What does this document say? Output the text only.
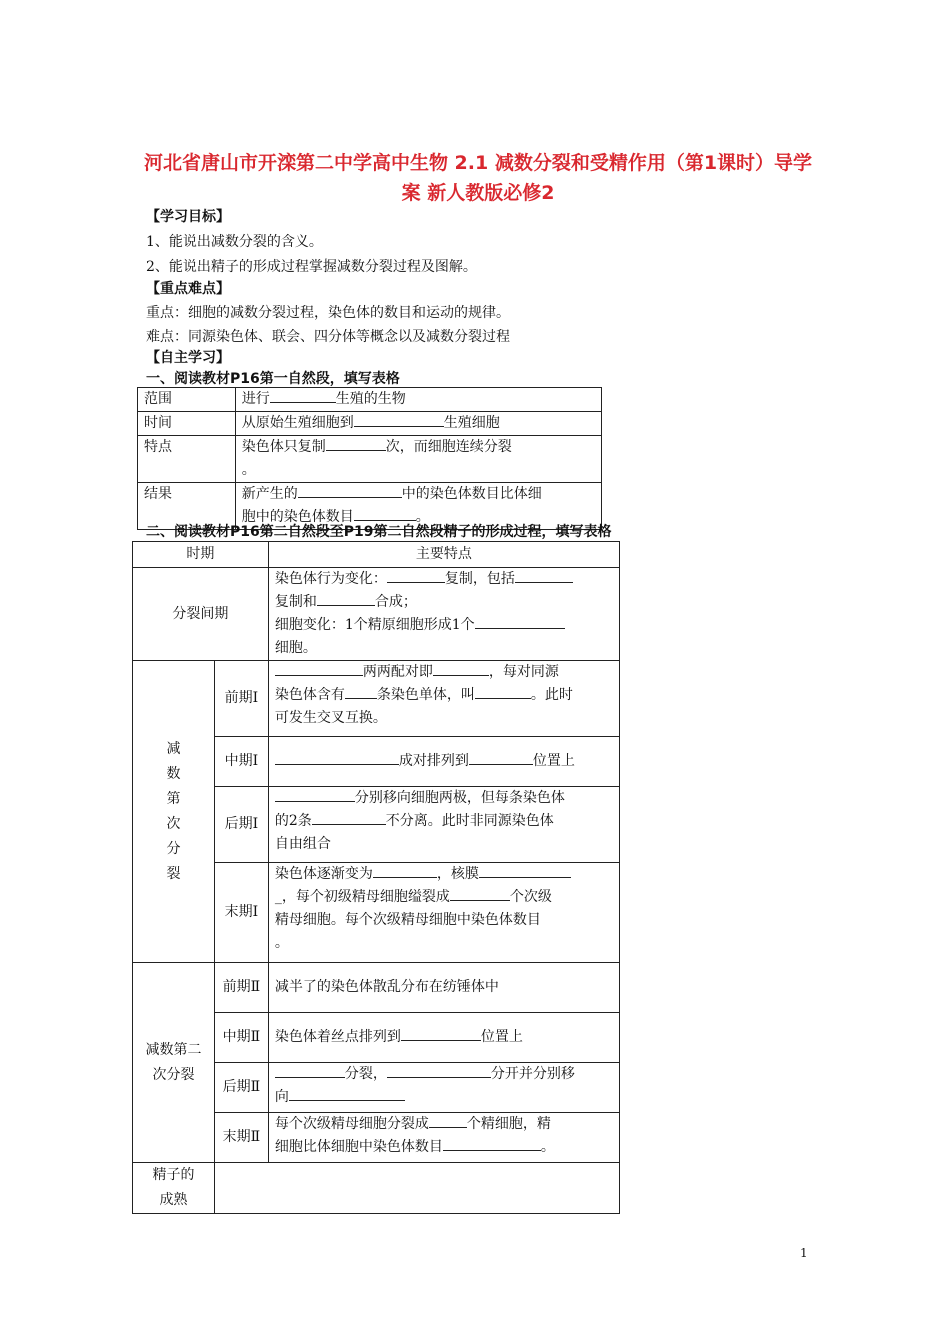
河北省唐山市开滦第二中学高中生物 2.1 减数分裂和受精作用（第1课时）导学案 新人教版必修2
【学习目标】
1、能说出减数分裂的含义。
2、能说出精子的形成过程掌握减数分裂过程及图解。
【重点难点】
重点：细胞的减数分裂过程，染色体的数目和运动的规律。
难点：同源染色体、联会、四分体等概念以及减数分裂过程
【自主学习】
一、阅读教材P16第一自然段，填写表格
范围	进行 生殖的生物
时间	从原始生殖细胞到 生殖细胞
特点	染色体只复制 次，而细胞连续分裂
。
结果	新产生的 中的染色体数目比体细
胞中的染色体数目 。
二、阅读教材P16第二自然段至P19第二自然段精子的形成过程，填写表格
时期		主要特点
分裂间期		染色体行为变化： 复制，包括
复制和 合成；
细胞变化：1个精原细胞形成1个
细胞。
减数第次分裂	前期Ⅰ	两两配对即 ，每对同源
染色体含有 条染色单体，叫 。此时
可发生交叉互换。
	中期Ⅰ	成对排列到 位置上
	后期Ⅰ	分别移向细胞两极，但每条染色体
的2条 不分离。此时非同源染色体
自由组合
	末期Ⅰ	染色体逐渐变为 ，核膜
_，每个初级精母细胞缢裂成 个次级
精母细胞。每个次级精母细胞中染色体数目
。
减数第二次分裂	前期Ⅱ	减半了的染色体散乱分布在纺锤体中
	中期Ⅱ	染色体着丝点排列到 位置上
	后期Ⅱ	分裂， 分开并分别移
向
	末期Ⅱ	每个次级精母细胞分裂成 个精细胞，精
细胞比体细胞中染色体数目 。
精子的成熟		
1
